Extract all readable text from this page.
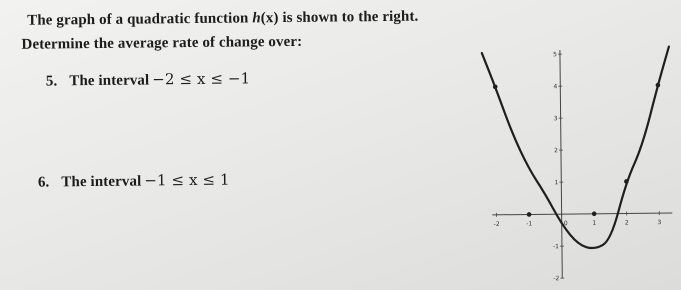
The graph of a quadratic function h(x) is shown to the right.
Determine the average rate of change over:
5. The interval −2 ≤ x ≤ −1
6. The interval −1 ≤ x ≤ 1
-2	-1	0	1	2	3
5
4
3
2
1
-1
-2
